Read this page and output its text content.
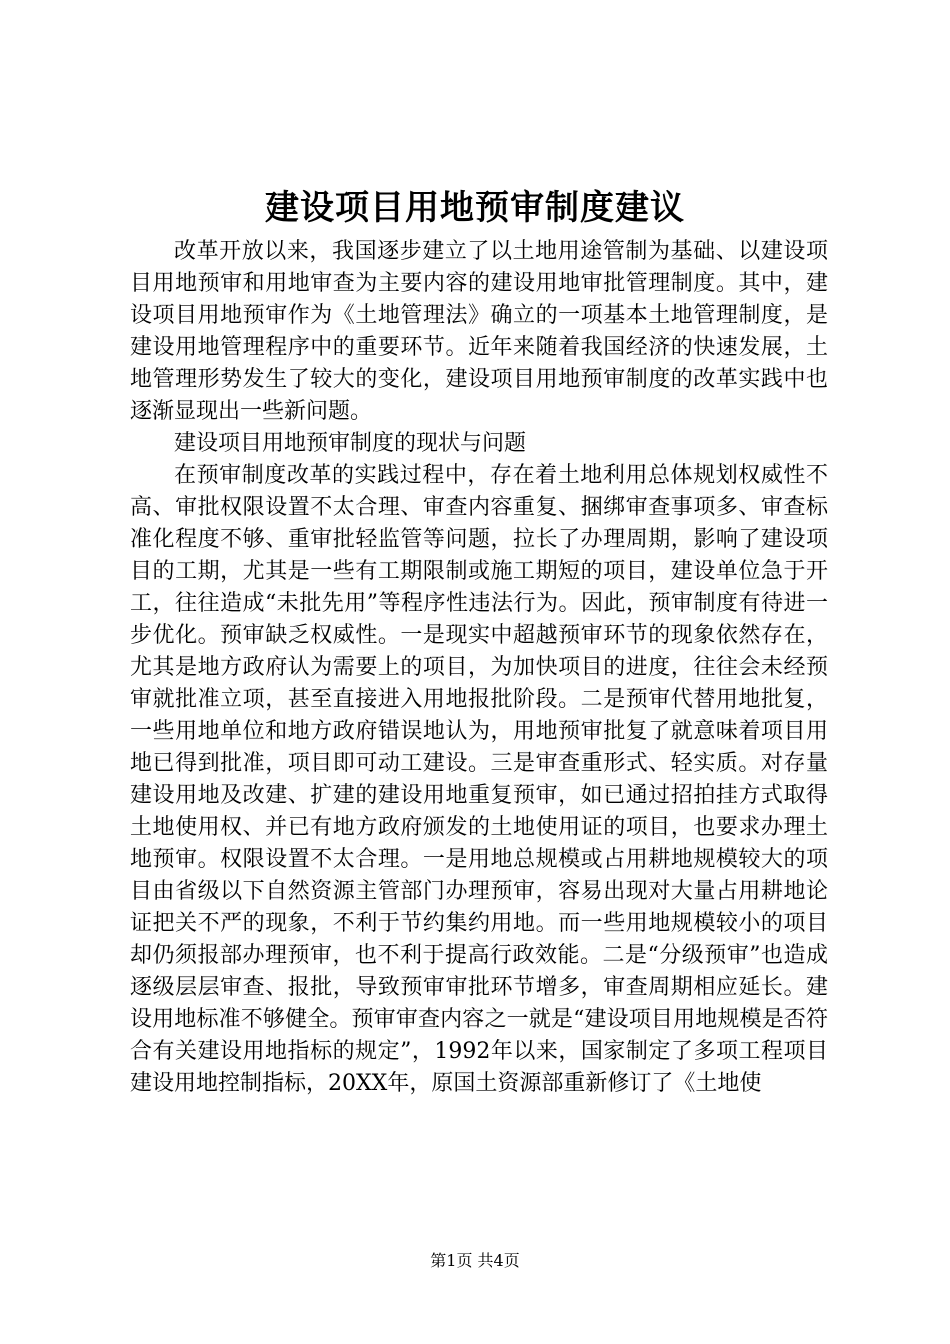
建设项目用地预审制度建议

改革开放以来，我国逐步建立了以土地用途管制为基础、以建设项目用地预审和用地审查为主要内容的建设用地审批管理制度。其中，建设项目用地预审作为《土地管理法》确立的一项基本土地管理制度，是建设用地管理程序中的重要环节。近年来随着我国经济的快速发展，土地管理形势发生了较大的变化，建设项目用地预审制度的改革实践中也逐渐显现出一些新问题。

建设项目用地预审制度的现状与问题

在预审制度改革的实践过程中，存在着土地利用总体规划权威性不高、审批权限设置不太合理、审查内容重复、捆绑审查事项多、审查标准化程度不够、重审批轻监管等问题，拉长了办理周期，影响了建设项目的工期，尤其是一些有工期限制或施工期短的项目，建设单位急于开工，往往造成“未批先用”等程序性违法行为。因此，预审制度有待进一步优化。预审缺乏权威性。一是现实中超越预审环节的现象依然存在，尤其是地方政府认为需要上的项目，为加快项目的进度，往往会未经预审就批准立项，甚至直接进入用地报批阶段。二是预审代替用地批复，一些用地单位和地方政府错误地认为，用地预审批复了就意味着项目用地已得到批准，项目即可动工建设。三是审查重形式、轻实质。对存量建设用地及改建、扩建的建设用地重复预审，如已通过招拍挂方式取得土地使用权、并已有地方政府颁发的土地使用证的项目，也要求办理土地预审。权限设置不太合理。一是用地总规模或占用耕地规模较大的项目由省级以下自然资源主管部门办理预审，容易出现对大量占用耕地论证把关不严的现象，不利于节约集约用地。而一些用地规模较小的项目却仍须报部办理预审，也不利于提高行政效能。二是“分级预审”也造成逐级层层审查、报批，导致预审审批环节增多，审查周期相应延长。建设用地标准不够健全。预审审查内容之一就是“建设项目用地规模是否符合有关建设用地指标的规定”，1992年以来，国家制定了多项工程项目建设用地控制指标，20XX年，原国土资源部重新修订了《土地使

第1页 共4页
